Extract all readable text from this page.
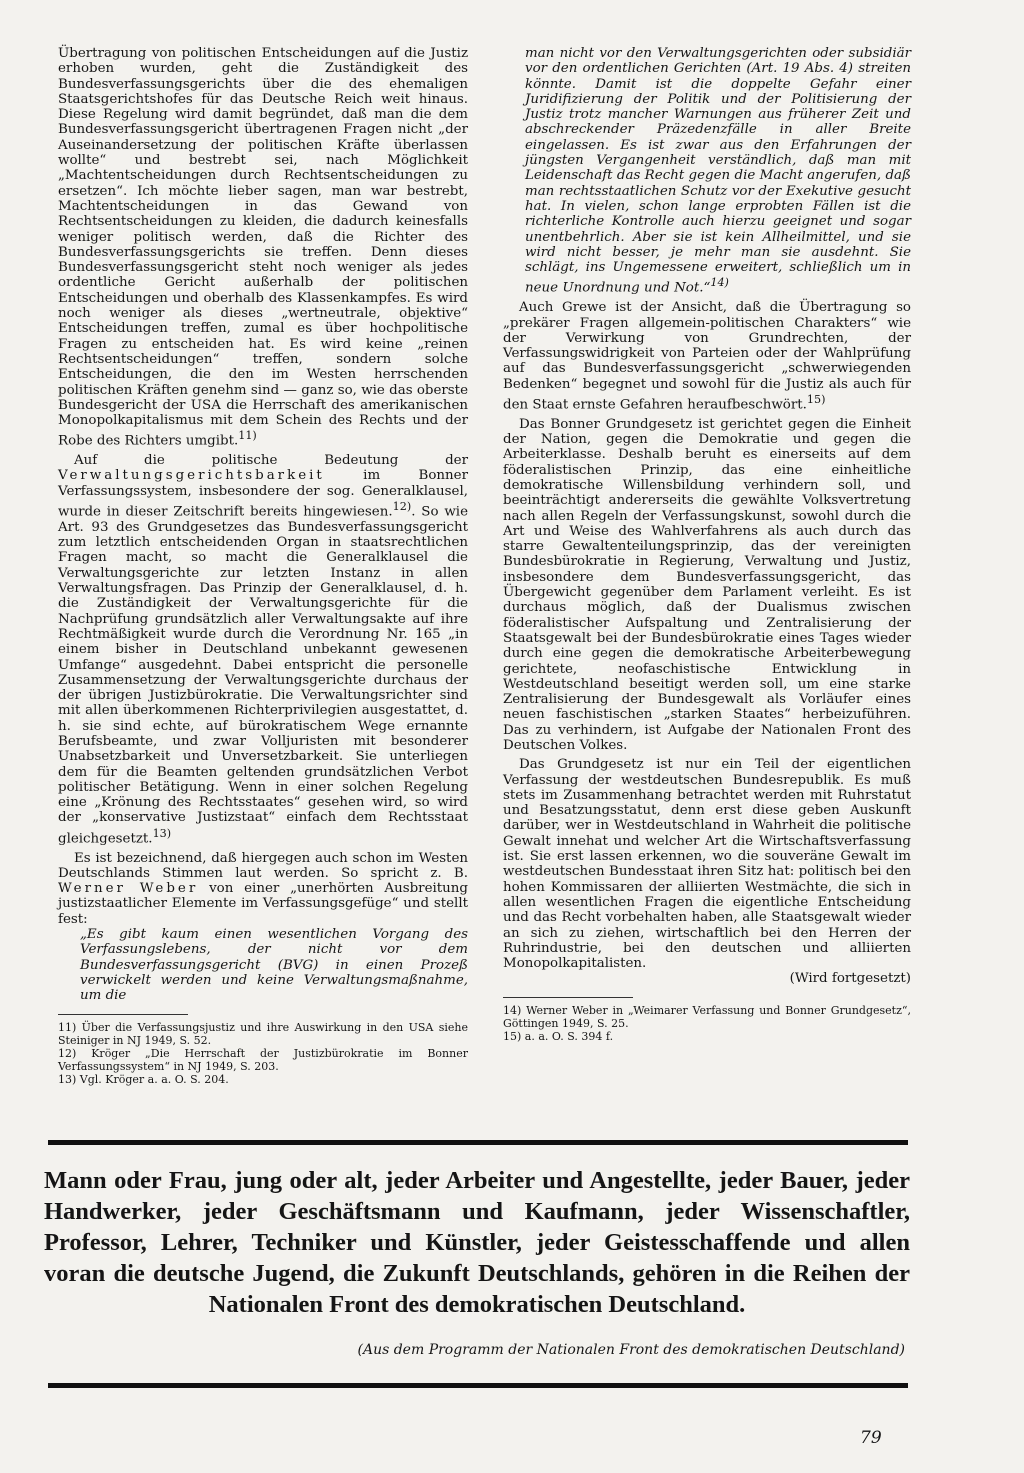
Übertragung von politischen Entscheidungen auf die Justiz erhoben wurden, geht die Zuständigkeit des Bundesverfassungsgerichts über die des ehemaligen Staatsgerichtshofes für das Deutsche Reich weit hinaus. Diese Regelung wird damit begründet, daß man die dem Bundesverfassungsgericht übertragenen Fragen nicht „der Auseinandersetzung der politischen Kräfte überlassen wollte“ und bestrebt sei, nach Möglichkeit „Machtentscheidungen durch Rechtsentscheidungen zu ersetzen“. Ich möchte lieber sagen, man war bestrebt, Machtentscheidungen in das Gewand von Rechtsentscheidungen zu kleiden, die dadurch keinesfalls weniger politisch werden, daß die Richter des Bundesverfassungsgerichts sie treffen. Denn dieses Bundesverfassungsgericht steht noch weniger als jedes ordentliche Gericht außerhalb der politischen Entscheidungen und oberhalb des Klassenkampfes. Es wird noch weniger als dieses „wertneutrale, objektive“ Entscheidungen treffen, zumal es über hochpolitische Fragen zu entscheiden hat. Es wird keine „reinen Rechtsentscheidungen“ treffen, sondern solche Entscheidungen, die den im Westen herrschenden politischen Kräften genehm sind — ganz so, wie das oberste Bundesgericht der USA die Herrschaft des amerikanischen Monopolkapitalismus mit dem Schein des Rechts und der Robe des Richters umgibt.$^{11)}$

Auf die politische Bedeutung der Verwaltungsgerichtsbarkeit	im Bonner Verfassungssystem, insbesondere der sog. Generalklausel, wurde in dieser Zeitschrift bereits hingewiesen.$^{12)}$. So wie Art. 93 des Grundgesetzes das Bundesverfassungsgericht zum letztlich entscheidenden Organ in staatsrechtlichen Fragen macht, so macht die Generalklausel die Verwaltungsgerichte zur letzten Instanz in allen Verwaltungsfragen. Das Prinzip der Generalklausel, d. h. die Zuständigkeit der Verwaltungsgerichte für die Nachprüfung grundsätzlich aller Verwaltungsakte auf ihre Rechtmäßigkeit wurde durch die Verordnung Nr. 165 „in einem bisher in Deutschland unbekannt gewesenen Umfange“ ausgedehnt. Dabei entspricht die personelle Zusammensetzung der Verwaltungsgerichte durchaus der der übrigen Justizbürokratie. Die Verwaltungsrichter sind mit allen überkommenen Richterprivilegien ausgestattet, d. h. sie sind echte, auf bürokratischem Wege ernannte Berufsbeamte, und zwar Volljuristen mit besonderer Unabsetzbarkeit und Unversetzbarkeit. Sie unterliegen dem für die Beamten geltenden grundsätzlichen Verbot politischer Betätigung. Wenn in einer solchen Regelung eine „Krönung des Rechtsstaates“ gesehen wird, so wird der „konservative Justizstaat“ einfach dem Rechtsstaat gleichgesetzt.$^{13)}$

Es ist bezeichnend, daß hiergegen auch schon im Westen Deutschlands Stimmen laut werden. So spricht z. B. Werner Weber von einer „unerhörten Ausbreitung justizstaatlicher Elemente im Verfassungsgefüge“ und stellt fest:

„Es gibt kaum einen wesentlichen Vorgang des Verfassungslebens, der nicht vor dem Bundesverfassungsgericht (BVG) in einen Prozeß verwickelt werden und keine Verwaltungsmaßnahme, um die

11) Über die Verfassungsjustiz und ihre Auswirkung in den USA siehe Steiniger in NJ 1949, S. 52.

12) Kröger „Die Herrschaft der Justizbürokratie im Bonner Verfassungssystem“ in NJ 1949, S. 203.

13) Vgl. Kröger a. a. O. S. 204.

man nicht vor den Verwaltungsgerichten oder subsidiär vor den ordentlichen Gerichten (Art. 19 Abs. 4) streiten könnte. Damit ist die doppelte Gefahr einer Juridifizierung der Politik und der Politisierung der Justiz trotz mancher Warnungen aus früherer Zeit und abschreckender Präzedenzfälle in aller Breite eingelassen. Es ist zwar aus den Erfahrungen der jüngsten Vergangenheit verständlich, daß man mit Leidenschaft das Recht gegen die Macht angerufen, daß man rechtsstaatlichen Schutz vor der Exekutive gesucht hat. In vielen, schon lange erprobten Fällen ist die richterliche Kontrolle auch hierzu geeignet und sogar unentbehrlich. Aber sie ist kein Allheilmittel, und sie wird nicht besser, je mehr man sie ausdehnt. Sie schlägt, ins Ungemessene erweitert, schließlich um in neue Unordnung und Not.“$^{14)}$

Auch Grewe ist der Ansicht, daß die Übertragung so „prekärer Fragen allgemein-politischen Charakters“ wie der Verwirkung von Grundrechten, der Verfassungswidrigkeit von Parteien oder der Wahlprüfung auf das Bundesverfassungsgericht „schwerwiegenden Bedenken“ begegnet und sowohl für die Justiz als auch für den Staat ernste Gefahren heraufbeschwört.$^{15)}$

Das Bonner Grundgesetz ist gerichtet gegen die Einheit der Nation, gegen die Demokratie und gegen die Arbeiterklasse. Deshalb beruht es einerseits auf dem föderalistischen Prinzip, das eine einheitliche demokratische Willensbildung verhindern soll, und beeinträchtigt andererseits die gewählte Volksvertretung nach allen Regeln der Verfassungskunst, sowohl durch die Art und Weise des Wahlverfahrens als auch durch das starre Gewaltenteilungsprinzip, das der vereinigten Bundesbürokratie in Regierung, Verwaltung und Justiz, insbesondere dem Bundesverfassungsgericht, das Übergewicht gegenüber dem Parlament verleiht. Es ist durchaus möglich, daß der Dualismus zwischen föderalistischer Aufspaltung und Zentralisierung der Staatsgewalt bei der Bundesbürokratie eines Tages wieder durch eine gegen die demokratische Arbeiterbewegung gerichtete, neofaschistische Entwicklung in Westdeutschland beseitigt werden soll, um eine starke Zentralisierung der Bundesgewalt als Vorläufer eines neuen faschistischen „starken Staates“ herbeizuführen. Das zu verhindern, ist Aufgabe der Nationalen Front des Deutschen Volkes.

Das Grundgesetz ist nur ein Teil der eigentlichen Verfassung der westdeutschen Bundesrepublik. Es muß stets im Zusammenhang betrachtet werden mit Ruhrstatut und Besatzungsstatut, denn erst diese geben Auskunft darüber, wer in Westdeutschland in Wahrheit die politische Gewalt innehat und welcher Art die Wirtschaftsverfassung ist. Sie erst lassen erkennen, wo die souveräne Gewalt im westdeutschen Bundesstaat ihren Sitz hat: politisch bei den hohen Kommissaren der alliierten Westmächte, die sich in allen wesentlichen Fragen die eigentliche Entscheidung und das Recht vorbehalten haben, alle Staatsgewalt wieder an sich zu ziehen, wirtschaftlich bei den Herren der Ruhrindustrie, bei den deutschen und alliierten Monopolkapitalisten.

(Wird fortgesetzt)

14) Werner Weber in „Weimarer Verfassung und Bonner Grundgesetz“, Göttingen 1949, S. 25.

15) a. a. O. S. 394 f.

Mann oder Frau, jung oder alt, jeder Arbeiter und Angestellte, jeder Bauer, jeder Handwerker, jeder Geschäftsmann und Kaufmann, jeder Wissenschaftler, Professor, Lehrer, Techniker und Künstler, jeder Geistesschaffende und allen voran die deutsche Jugend, die Zukunft Deutschlands, gehören in die Reihen der Nationalen Front des demokratischen Deutschland.

(Aus dem Programm der Nationalen Front des demokratischen Deutschland)

79
